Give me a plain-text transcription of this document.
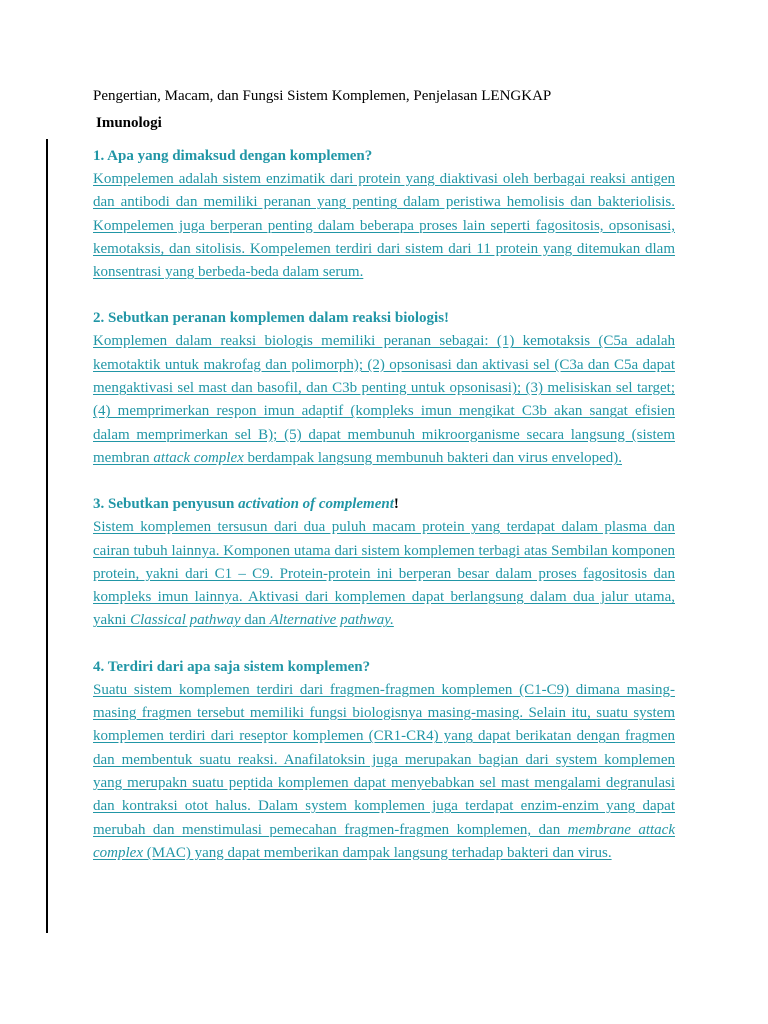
Pengertian, Macam, dan Fungsi Sistem Komplemen, Penjelasan LENGKAP
Imunologi

1. Apa yang dimaksud dengan komplemen?

Kompelemen adalah sistem enzimatik dari protein yang diaktivasi oleh berbagai reaksi antigen dan antibodi dan memiliki peranan yang penting dalam peristiwa hemolisis dan bakteriolisis. Kompelemen juga berperan penting dalam beberapa proses lain seperti fagositosis, opsonisasi, kemotaksis, dan sitolisis. Kompelemen terdiri dari sistem dari 11 protein yang ditemukan dlam konsentrasi yang berbeda-beda dalam serum.

2. Sebutkan peranan komplemen dalam reaksi biologis!

Komplemen dalam reaksi biologis memiliki peranan sebagai: (1) kemotaksis (C5a adalah kemotaktik untuk makrofag dan polimorph); (2) opsonisasi dan aktivasi sel (C3a dan C5a dapat mengaktivasi sel mast dan basofil, dan C3b penting untuk opsonisasi); (3) melisiskan sel target; (4) memprimerkan respon imun adaptif (kompleks imun mengikat C3b akan sangat efisien dalam memprimerkan sel B); (5) dapat membunuh mikroorganisme secara langsung (sistem membran attack complex berdampak langsung membunuh bakteri dan virus enveloped).

3. Sebutkan penyusun activation of complement!

Sistem komplemen tersusun dari dua puluh macam protein yang terdapat dalam plasma dan cairan tubuh lainnya. Komponen utama dari sistem komplemen terbagi atas Sembilan komponen protein, yakni dari C1 – C9. Protein-protein ini berperan besar dalam proses fagositosis dan kompleks imun lainnya. Aktivasi dari komplemen dapat berlangsung dalam dua jalur utama, yakni Classical pathway dan Alternative pathway.

4. Terdiri dari apa saja sistem komplemen?

Suatu sistem komplemen terdiri dari fragmen-fragmen komplemen (C1-C9) dimana masing-masing fragmen tersebut memiliki fungsi biologisnya masing-masing. Selain itu, suatu system komplemen terdiri dari reseptor komplemen (CR1-CR4) yang dapat berikatan dengan fragmen dan membentuk suatu reaksi. Anafilatoksin juga merupakan bagian dari system komplemen yang merupakn suatu peptida komplemen dapat menyebabkan sel mast mengalami degranulasi dan kontraksi otot halus. Dalam system komplemen juga terdapat enzim-enzim yang dapat merubah dan menstimulasi pemecahan fragmen-fragmen komplemen, dan membrane attack complex (MAC) yang dapat memberikan dampak langsung terhadap bakteri dan virus.
